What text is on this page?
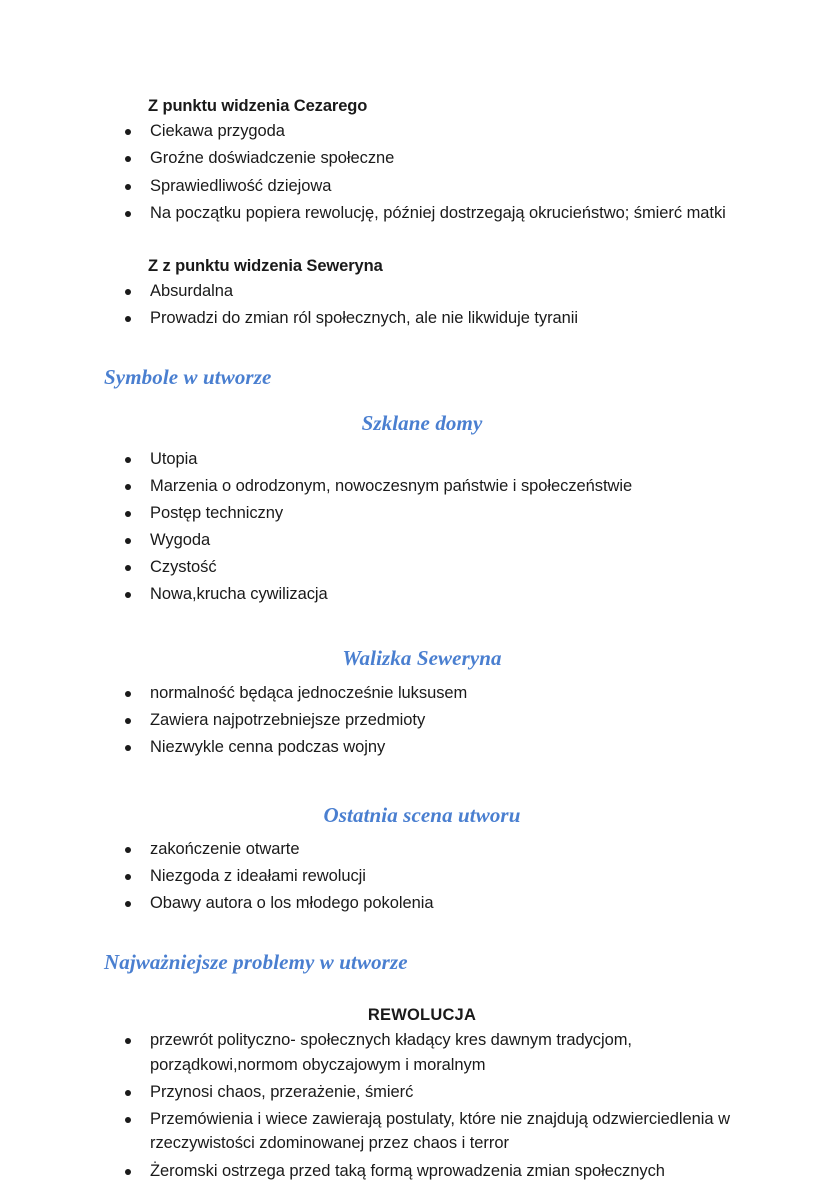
Z punktu widzenia Cezarego
Ciekawa przygoda
Groźne doświadczenie społeczne
Sprawiedliwość dziejowa
Na początku popiera rewolucję, później dostrzegają okrucieństwo; śmierć matki
Z z punktu widzenia Seweryna
Absurdalna
Prowadzi do zmian ról społecznych, ale nie likwiduje tyranii
Symbole w utworze
Szklane domy
Utopia
Marzenia o odrodzonym, nowoczesnym państwie i społeczeństwie
Postęp techniczny
Wygoda
Czystość
Nowa,krucha cywilizacja
Walizka Seweryna
normalność będąca jednocześnie luksusem
Zawiera najpotrzebniejsze przedmioty
Niezwykle cenna podczas wojny
Ostatnia scena utworu
zakończenie otwarte
Niezgoda z ideałami rewolucji
Obawy autora o los młodego pokolenia
Najważniejsze problemy w utworze
REWOLUCJA
przewrót polityczno- społecznych kładący kres dawnym tradycjom, porządkowi,normom obyczajowym i moralnym
Przynosi chaos, przerażenie, śmierć
Przemówienia i wiece zawierają postulaty, które nie znajdują odzwierciedlenia w rzeczywistości zdominowanej przez chaos i terror
Żeromski ostrzega przed taką formą wprowadzenia zmian społecznych
